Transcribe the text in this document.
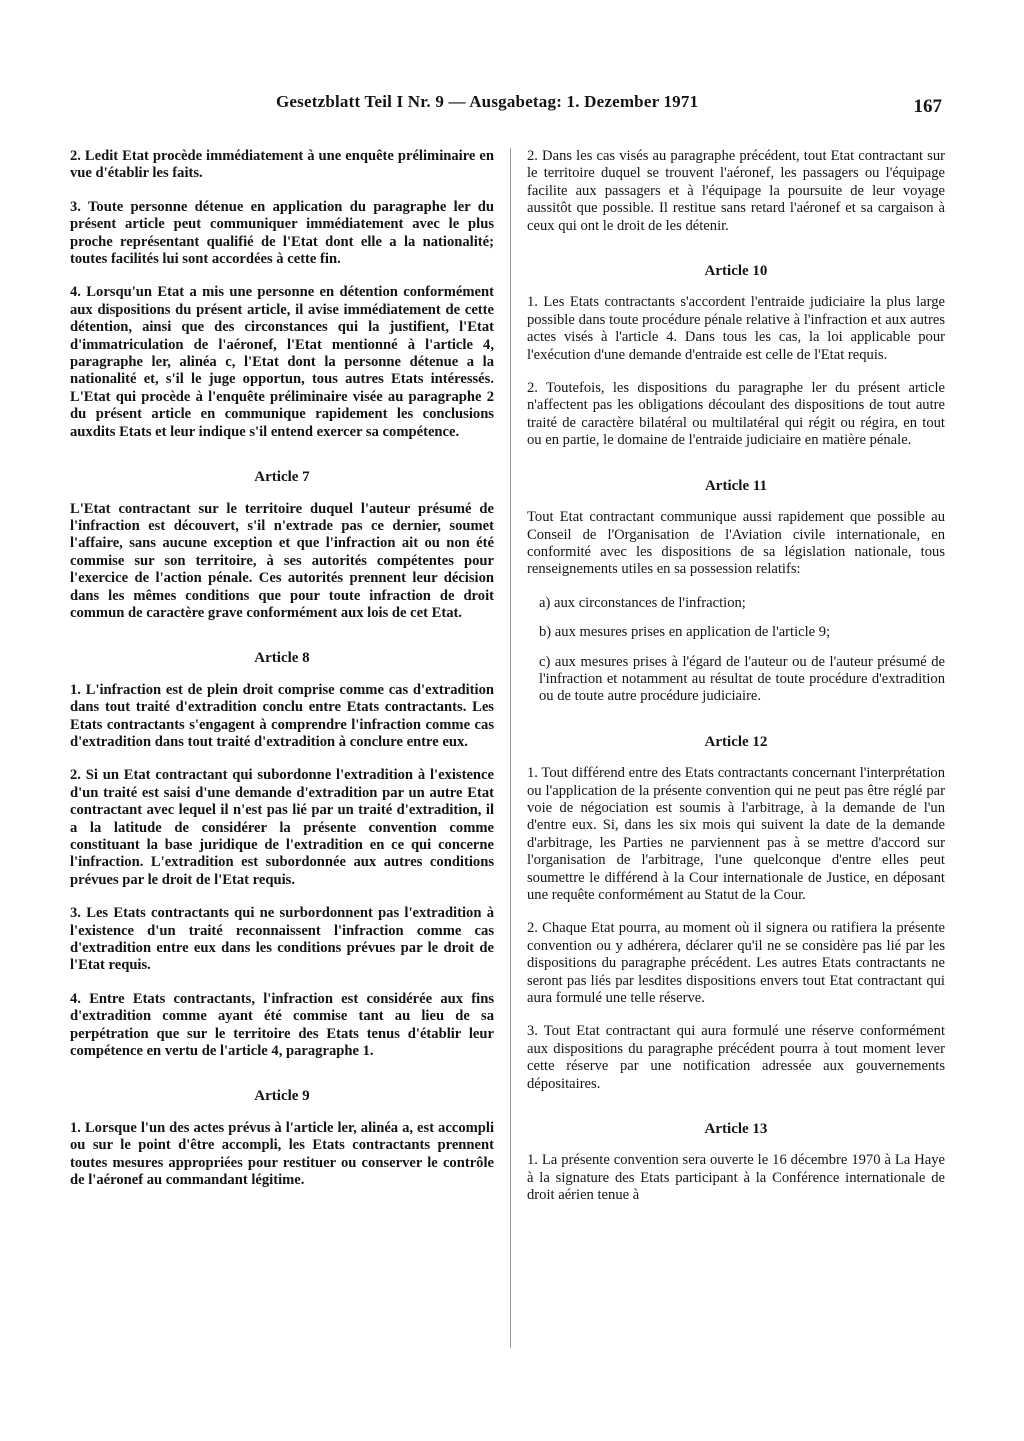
Gesetzblatt Teil I Nr. 9 — Ausgabetag: 1. Dezember 1971	167

2. Ledit Etat procède immédiatement à une enquête préliminaire en vue d'établir les faits.

3. Toute personne détenue en application du paragraphe ler du présent article peut communiquer immédiatement avec le plus proche représentant qualifié de l'Etat dont elle a la nationalité; toutes facilités lui sont accordées à cette fin.

4. Lorsqu'un Etat a mis une personne en détention conformément aux dispositions du présent article, il avise immédiatement de cette détention, ainsi que des circonstances qui la justifient, l'Etat d'immatriculation de l'aéronef, l'Etat mentionné à l'article 4, paragraphe ler, alinéa c, l'Etat dont la personne détenue a la nationalité et, s'il le juge opportun, tous autres Etats intéressés. L'Etat qui procède à l'enquête préliminaire visée au paragraphe 2 du présent article en communique rapidement les conclusions auxdits Etats et leur indique s'il entend exercer sa compétence.

Article 7

L'Etat contractant sur le territoire duquel l'auteur présumé de l'infraction est découvert, s'il n'extrade pas ce dernier, soumet l'affaire, sans aucune exception et que l'infraction ait ou non été commise sur son territoire, à ses autorités compétentes pour l'exercice de l'action pénale. Ces autorités prennent leur décision dans les mêmes conditions que pour toute infraction de droit commun de caractère grave conformément aux lois de cet Etat.

Article 8

1. L'infraction est de plein droit comprise comme cas d'extradition dans tout traité d'extradition conclu entre Etats contractants. Les Etats contractants s'engagent à comprendre l'infraction comme cas d'extradition dans tout traité d'extradition à conclure entre eux.

2. Si un Etat contractant qui subordonne l'extradition à l'existence d'un traité est saisi d'une demande d'extradition par un autre Etat contractant avec lequel il n'est pas lié par un traité d'extradition, il a la latitude de considérer la présente convention comme constituant la base juridique de l'extradition en ce qui concerne l'infraction. L'extradition est subordonnée aux autres conditions prévues par le droit de l'Etat requis.

3. Les Etats contractants qui ne surbordonnent pas l'extradition à l'existence d'un traité reconnaissent l'infraction comme cas d'extradition entre eux dans les conditions prévues par le droit de l'Etat requis.

4. Entre Etats contractants, l'infraction est considérée aux fins d'extradition comme ayant été commise tant au lieu de sa perpétration que sur le territoire des Etats tenus d'établir leur compétence en vertu de l'article 4, paragraphe 1.

Article 9

1. Lorsque l'un des actes prévus à l'article ler, alinéa a, est accompli ou sur le point d'être accompli, les Etats contractants prennent toutes mesures appropriées pour restituer ou conserver le contrôle de l'aéronef au commandant légitime.

2. Dans les cas visés au paragraphe précédent, tout Etat contractant sur le territoire duquel se trouvent l'aéronef, les passagers ou l'équipage facilite aux passagers et à l'équipage la poursuite de leur voyage aussitôt que possible. Il restitue sans retard l'aéronef et sa cargaison à ceux qui ont le droit de les détenir.

Article 10

1. Les Etats contractants s'accordent l'entraide judiciaire la plus large possible dans toute procédure pénale relative à l'infraction et aux autres actes visés à l'article 4. Dans tous les cas, la loi applicable pour l'exécution d'une demande d'entraide est celle de l'Etat requis.

2. Toutefois, les dispositions du paragraphe ler du présent article n'affectent pas les obligations découlant des dispositions de tout autre traité de caractère bilatéral ou multilatéral qui régit ou régira, en tout ou en partie, le domaine de l'entraide judiciaire en matière pénale.

Article 11

Tout Etat contractant communique aussi rapidement que possible au Conseil de l'Organisation de l'Aviation civile internationale, en conformité avec les dispositions de sa législation nationale, tous renseignements utiles en sa possession relatifs:

a) aux circonstances de l'infraction;

b) aux mesures prises en application de l'article 9;

c) aux mesures prises à l'égard de l'auteur ou de l'auteur présumé de l'infraction et notamment au résultat de toute procédure d'extradition ou de toute autre procédure judiciaire.

Article 12

1. Tout différend entre des Etats contractants concernant l'interprétation ou l'application de la présente convention qui ne peut pas être réglé par voie de négociation est soumis à l'arbitrage, à la demande de l'un d'entre eux. Si, dans les six mois qui suivent la date de la demande d'arbitrage, les Parties ne parviennent pas à se mettre d'accord sur l'organisation de l'arbitrage, l'une quelconque d'entre elles peut soumettre le différend à la Cour internationale de Justice, en déposant une requête conformément au Statut de la Cour.

2. Chaque Etat pourra, au moment où il signera ou ratifiera la présente convention ou y adhérera, déclarer qu'il ne se considère pas lié par les dispositions du paragraphe précédent. Les autres Etats contractants ne seront pas liés par lesdites dispositions envers tout Etat contractant qui aura formulé une telle réserve.

3. Tout Etat contractant qui aura formulé une réserve conformément aux dispositions du paragraphe précédent pourra à tout moment lever cette réserve par une notification adressée aux gouvernements dépositaires.

Article 13

1. La présente convention sera ouverte le 16 décembre 1970 à La Haye à la signature des Etats participant à la Conférence internationale de droit aérien tenue à
